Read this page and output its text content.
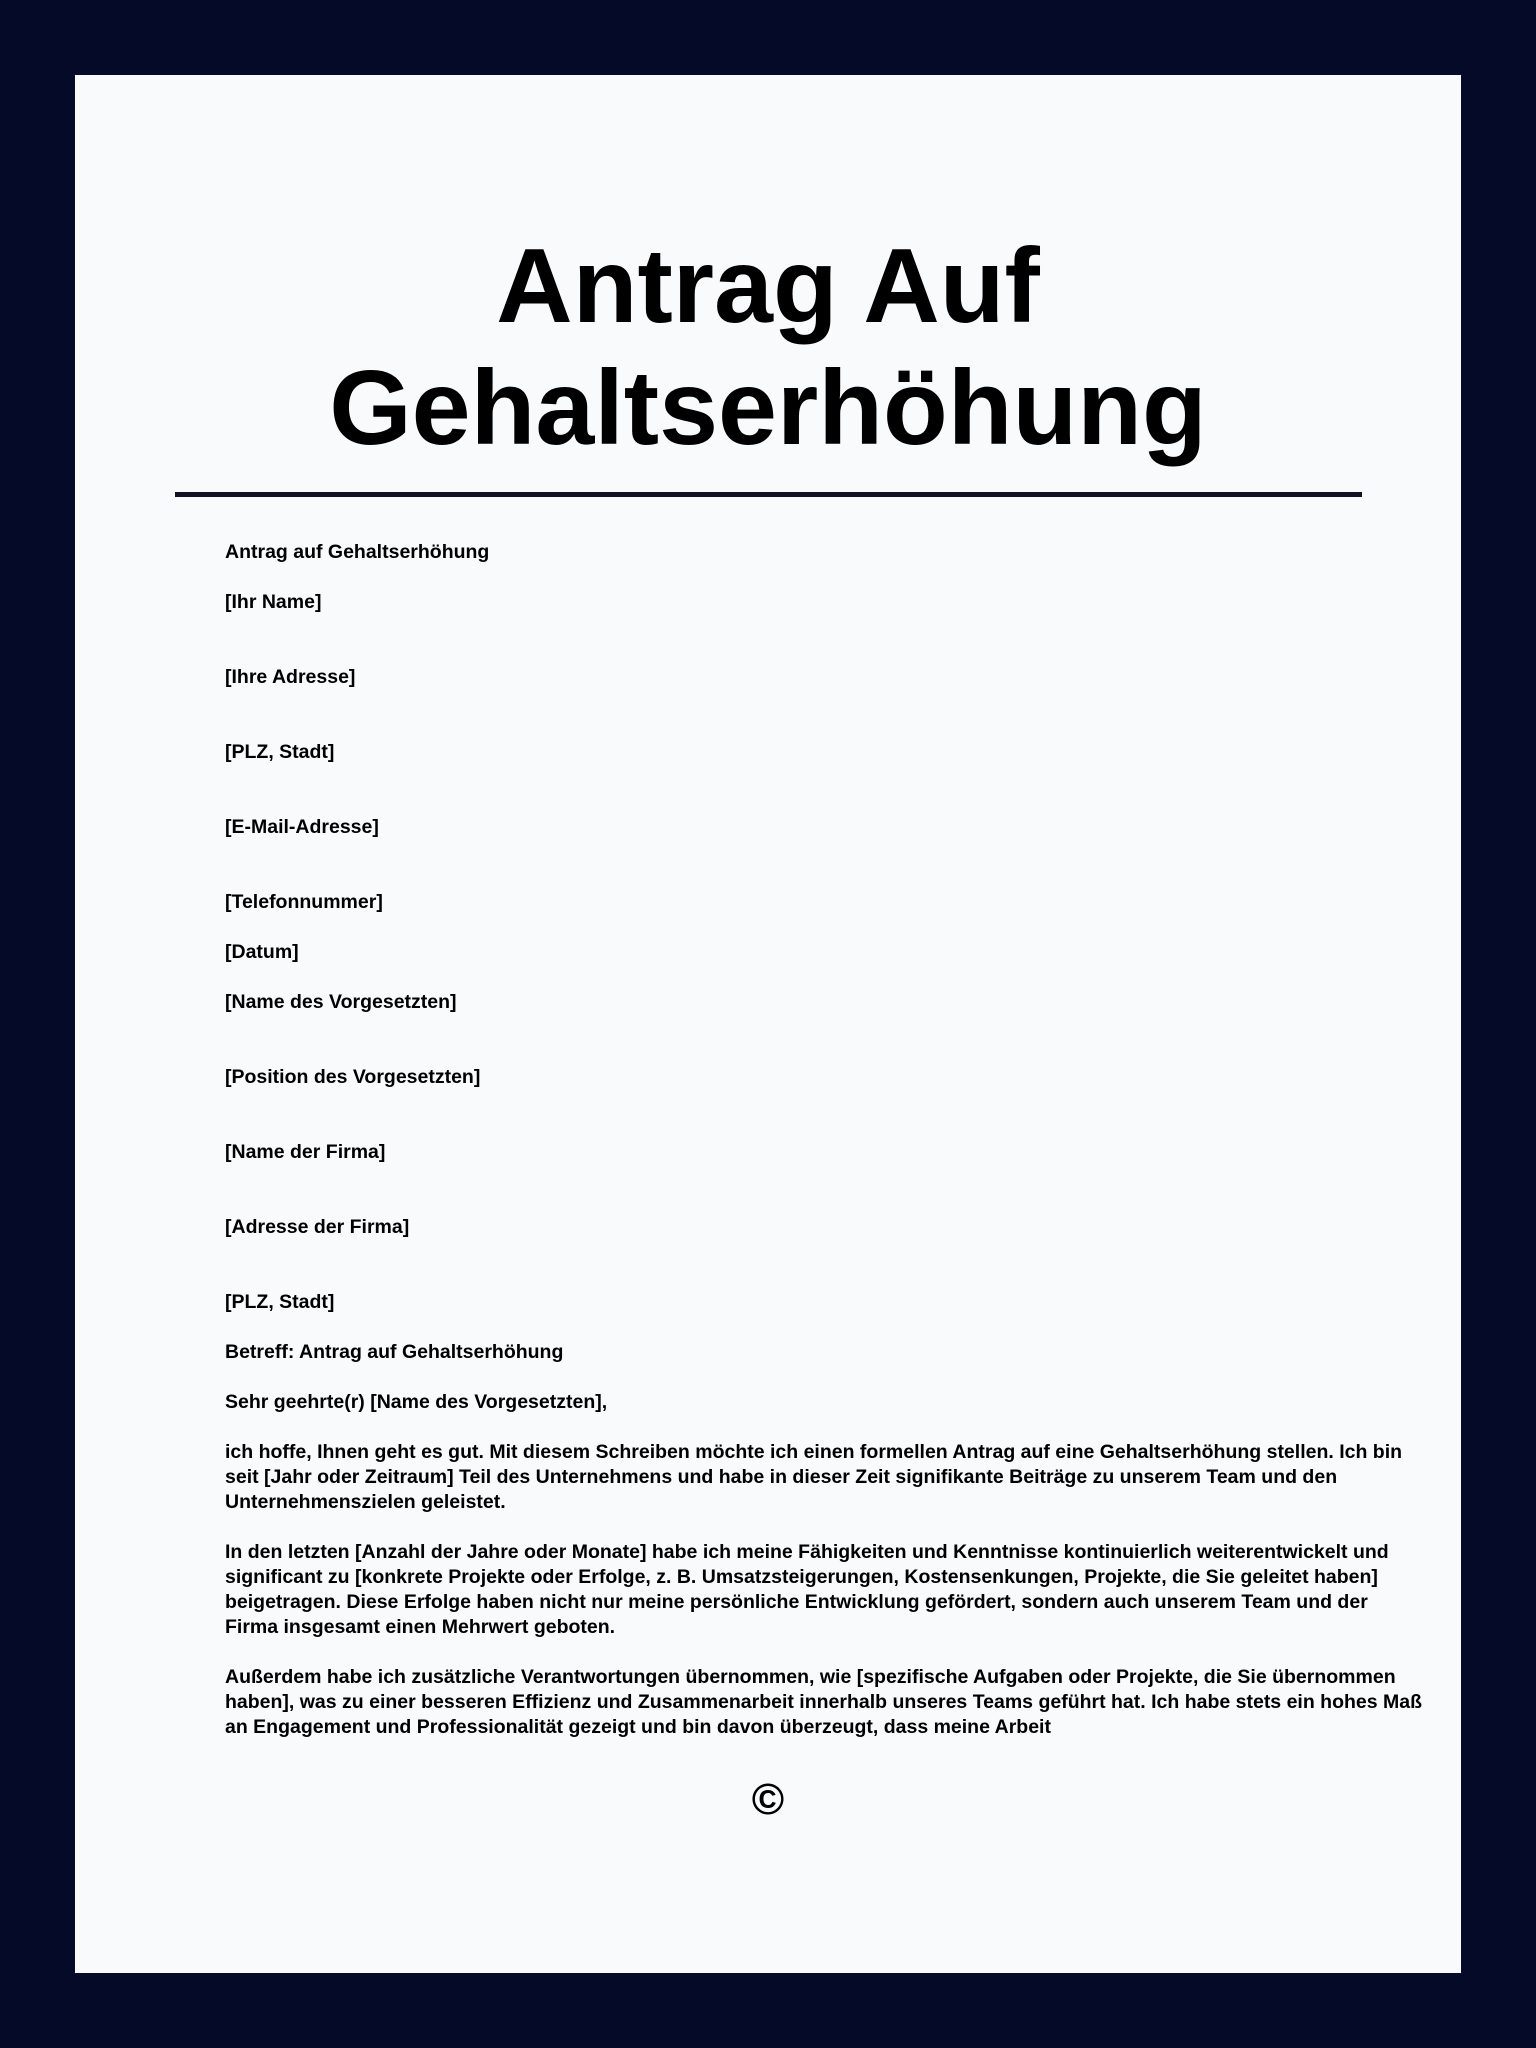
Antrag Auf
Gehaltserhöhung

Antrag auf Gehaltserhöhung

[Ihr Name]

[Ihre Adresse]

[PLZ, Stadt]

[E-Mail-Adresse]

[Telefonnummer]

[Datum]

[Name des Vorgesetzten]

[Position des Vorgesetzten]

[Name der Firma]

[Adresse der Firma]

[PLZ, Stadt]

Betreff: Antrag auf Gehaltserhöhung

Sehr geehrte(r) [Name des Vorgesetzten],

ich hoffe, Ihnen geht es gut. Mit diesem Schreiben möchte ich einen formellen Antrag auf eine Gehaltserhöhung stellen. Ich bin seit [Jahr oder Zeitraum] Teil des Unternehmens und habe in dieser Zeit signifikante Beiträge zu unserem Team und den Unternehmenszielen geleistet.

In den letzten [Anzahl der Jahre oder Monate] habe ich meine Fähigkeiten und Kenntnisse kontinuierlich weiterentwickelt und significant zu [konkrete Projekte oder Erfolge, z. B. Umsatzsteigerungen, Kostensenkungen, Projekte, die Sie geleitet haben] beigetragen. Diese Erfolge haben nicht nur meine persönliche Entwicklung gefördert, sondern auch unserem Team und der Firma insgesamt einen Mehrwert geboten.

Außerdem habe ich zusätzliche Verantwortungen übernommen, wie [spezifische Aufgaben oder Projekte, die Sie übernommen haben], was zu einer besseren Effizienz und Zusammenarbeit innerhalb unseres Teams geführt hat. Ich habe stets ein hohes Maß an Engagement und Professionalität gezeigt und bin davon überzeugt, dass meine Arbeit

©
